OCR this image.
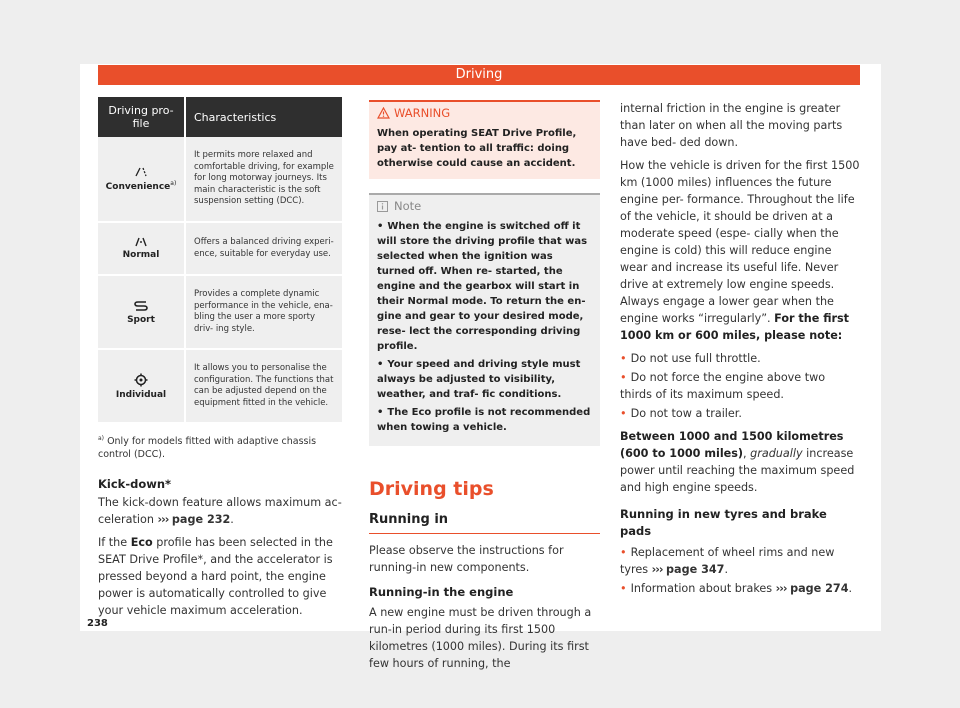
Driving
Driving pro- file	Characteristics

Convenience$^{a)}$	It permits more relaxed and comfortable driving, for example for long motorway journeys. Its main characteristic is the soft suspension setting (DCC).

Normal	Offers a balanced driving experi- ence, suitable for everyday use.

Sport	Provides a complete dynamic performance in the vehicle, ena- bling the user a more sporty driv- ing style.

Individual	It allows you to personalise the configuration. The functions that can be adjusted depend on the equipment fitted in the vehicle.
$^{a)}$ Only for models fitted with adaptive chassis control (DCC).
Kick-down*

The kick-down feature allows maximum ac- celeration ››› page 232.

If the Eco profile has been selected in the SEAT Drive Profile*, and the accelerator is pressed beyond a hard point, the engine power is automatically controlled to give your vehicle maximum acceleration.

WARNING
When operating SEAT Drive Profile, pay at- tention to all traffic: doing otherwise could cause an accident.
Note
• When the engine is switched off it will store the driving profile that was selected when the ignition was turned off. When re- started, the engine and the gearbox will start in their Normal mode. To return the en- gine and gear to your desired mode, rese- lect the corresponding driving profile.
• Your speed and driving style must always be adjusted to visibility, weather, and traf- fic conditions.
• The Eco profile is not recommended when towing a vehicle.
Driving tips
Running in

Please observe the instructions for running-in new components.

Running-in the engine

A new engine must be driven through a run-in period during its first 1500 kilometres (1000 miles). During its first few hours of running, the

internal friction in the engine is greater than later on when all the moving parts have bed- ded down.

How the vehicle is driven for the first 1500 km (1000 miles) influences the future engine per- formance. Throughout the life of the vehicle, it should be driven at a moderate speed (espe- cially when the engine is cold) this will reduce engine wear and increase its useful life. Never drive at extremely low engine speeds. Always engage a lower gear when the engine works “irregularly”. For the first 1000 km or 600 miles, please note:

• Do not use full throttle.
• Do not force the engine above two thirds of its maximum speed.
• Do not tow a trailer.

Between 1000 and 1500 kilometres (600 to 1000 miles), gradually increase power until reaching the maximum speed and high engine speeds.

Running in new tyres and brake pads
• Replacement of wheel rims and new tyres ››› page 347.
• Information about brakes ››› page 274.
238
